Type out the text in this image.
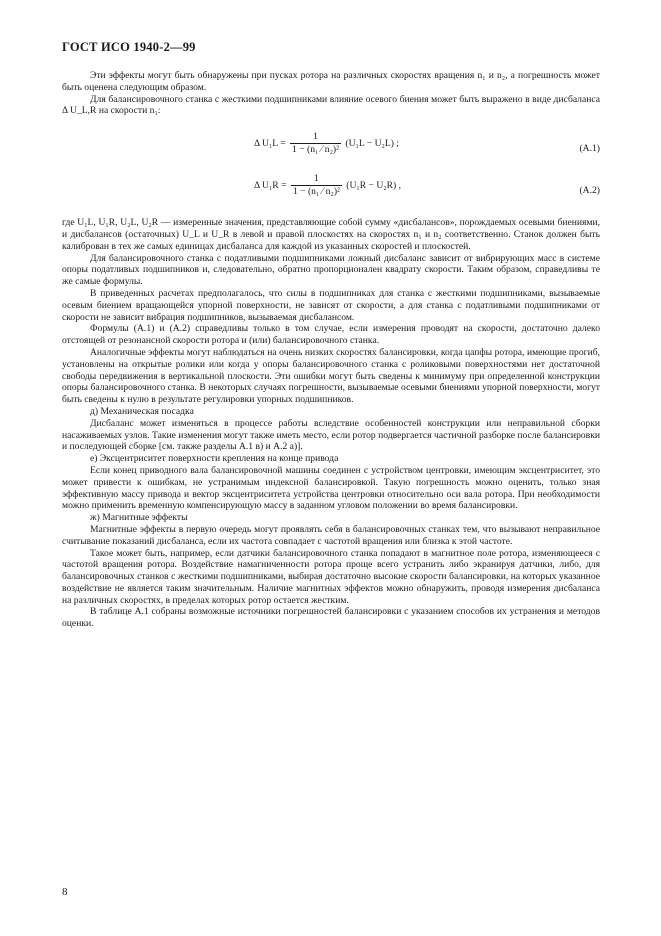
ГОСТ ИСО 1940-2—99

Эти эффекты могут быть обнаружены при пусках ротора на различных скоростях вращения n₁ и n₂, а погрешность может быть оценена следующим образом.

Для балансировочного станка с жесткими подшипниками влияние осевого биения может быть выражено в виде дисбаланса Δ U_L,R на скорости n₁:

Δ $U_1L = \frac{1}{\text{1 − (n₁ ⁄ n₂)²}} (U_1L - U_2L)$ ;
(А.1)
Δ $U_1R = \frac{1}{\text{1 − (n₁ ⁄ n₂)²}} (U_1R - U_2R)$ ,
(А.2)

где U₁L, U₁R, U₂L, U₂R — измеренные значения, представляющие собой сумму «дисбалансов», порождаемых осевыми биениями, и дисбалансов (остаточных) U_L и U_R в левой и правой плоскостях на скоростях n₁ и n₂ соответственно. Станок должен быть калиброван в тех же самых единицах дисбаланса для каждой из указанных скоростей и плоскостей.

Для балансировочного станка с податливыми подшипниками ложный дисбаланс зависит от вибрирующих масс в системе опоры податливых подшипников и, следовательно, обратно пропорционален квадрату скорости. Таким образом, справедливы те же самые формулы.

В приведенных расчетах предполагалось, что силы в подшипниках для станка с жесткими подшипниками, вызываемые осевым биением вращающейся упорной поверхности, не зависят от скорости, а для станка с податливыми подшипниками от скорости не зависит вибрация подшипников, вызываемая дисбалансом.

Формулы (А.1) и (А.2) справедливы только в том случае, если измерения проводят на скорости, достаточно далеко отстоящей от резонансной скорости ротора и (или) балансировочного станка.

Аналогичные эффекты могут наблюдаться на очень низких скоростях балансировки, когда цапфы ротора, имеющие прогиб, установлены на открытые ролики или когда у опоры балансировочного станка с роликовыми поверхностями нет достаточной свободы передвижения в вертикальной плоскости. Эти ошибки могут быть сведены к минимуму при определенной конструкции опоры балансировочного станка. В некоторых случаях погрешности, вызываемые осевыми биениями упорной поверхности, могут быть сведены к нулю в результате регулировки упорных подшипников.

д) Механическая посадка

Дисбаланс может изменяться в процессе работы вследствие особенностей конструкции или неправильной сборки насаживаемых узлов. Такие изменения могут также иметь место, если ротор подвергается частичной разборке после балансировки и последующей сборке [см. также разделы А.1 в) и А.2 а)].

е) Эксцентриситет поверхности крепления на конце привода

Если конец приводного вала балансировочной машины соединен с устройством центровки, имеющим эксцентриситет, это может привести к ошибкам, не устранимым индексной балансировкой. Такую погрешность можно оценить, только зная эффективную массу привода и вектор эксцентриситета устройства центровки относительно оси вала ротора. При необходимости можно применить временную компенсирующую массу в заданном угловом положении во время балансировки.

ж) Магнитные эффекты

Магнитные эффекты в первую очередь могут проявлять себя в балансировочных станках тем, что вызывают неправильное считывание показаний дисбаланса, если их частота совпадает с частотой вращения или близка к этой частоте.

Такое может быть, например, если датчики балансировочного станка попадают в магнитное поле ротора, изменяющееся с частотой вращения ротора. Воздействие намагниченности ротора проще всего устранить либо экранируя датчики, либо, для балансировочных станков с жесткими подшипниками, выбирая достаточно высокие скорости балансировки, на которых указанное воздействие не является таким значительным. Наличие магнитных эффектов можно обнаружить, проводя измерения дисбаланса на различных скоростях, в пределах которых ротор остается жестким.

В таблице А.1 собраны возможные источники погрешностей балансировки с указанием способов их устранения и методов оценки.

8
